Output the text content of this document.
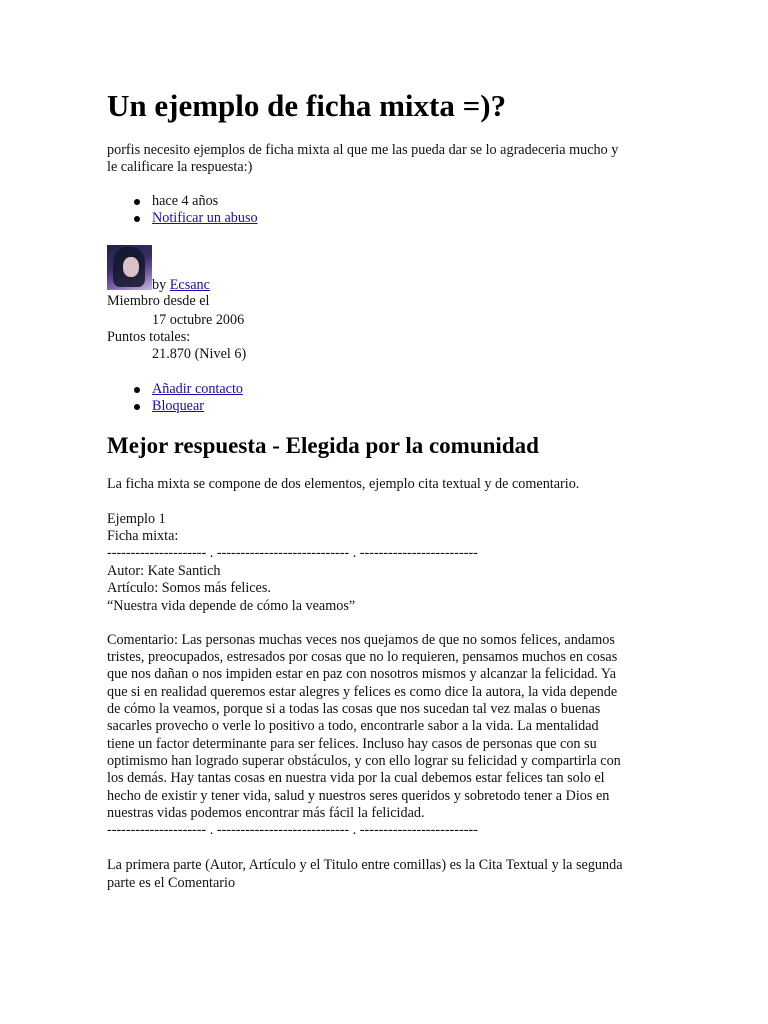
Un ejemplo de ficha mixta =)?
porfis necesito ejemplos de ficha mixta al que me las pueda dar se lo agradeceria mucho y
le calificare la respuesta:)
hace 4 años
Notificar un abuso
by Ecsanc
Miembro desde el
17 octubre 2006
Puntos totales:
21.870 (Nivel 6)
Añadir contacto
Bloquear
Mejor respuesta - Elegida por la comunidad
La ficha mixta se compone de dos elementos, ejemplo cita textual y de comentario.
Ejemplo 1
Ficha mixta:
--------------------- . ---------------------------- . -------------------------
Autor: Kate Santich
Artículo: Somos más felices.
“Nuestra vida depende de cómo la veamos”
Comentario: Las personas muchas veces nos quejamos de que no somos felices, andamos
tristes, preocupados, estresados por cosas que no lo requieren, pensamos muchos en cosas
que nos dañan o nos impiden estar en paz con nosotros mismos y alcanzar la felicidad. Ya
que si en realidad queremos estar alegres y felices es como dice la autora, la vida depende
de cómo la veamos, porque si a todas las cosas que nos sucedan tal vez malas o buenas
sacarles provecho o verle lo positivo a todo, encontrarle sabor a la vida. La mentalidad
tiene un factor determinante para ser felices. Incluso hay casos de personas que con su
optimismo han logrado superar obstáculos, y con ello lograr su felicidad y compartirla con
los demás. Hay tantas cosas en nuestra vida por la cual debemos estar felices tan solo el
hecho de existir y tener vida, salud y nuestros seres queridos y sobretodo tener a Dios en
nuestras vidas podemos encontrar más fácil la felicidad.
--------------------- . ---------------------------- . -------------------------
La primera parte (Autor, Artículo y el Titulo entre comillas) es la Cita Textual y la segunda
parte es el Comentario
